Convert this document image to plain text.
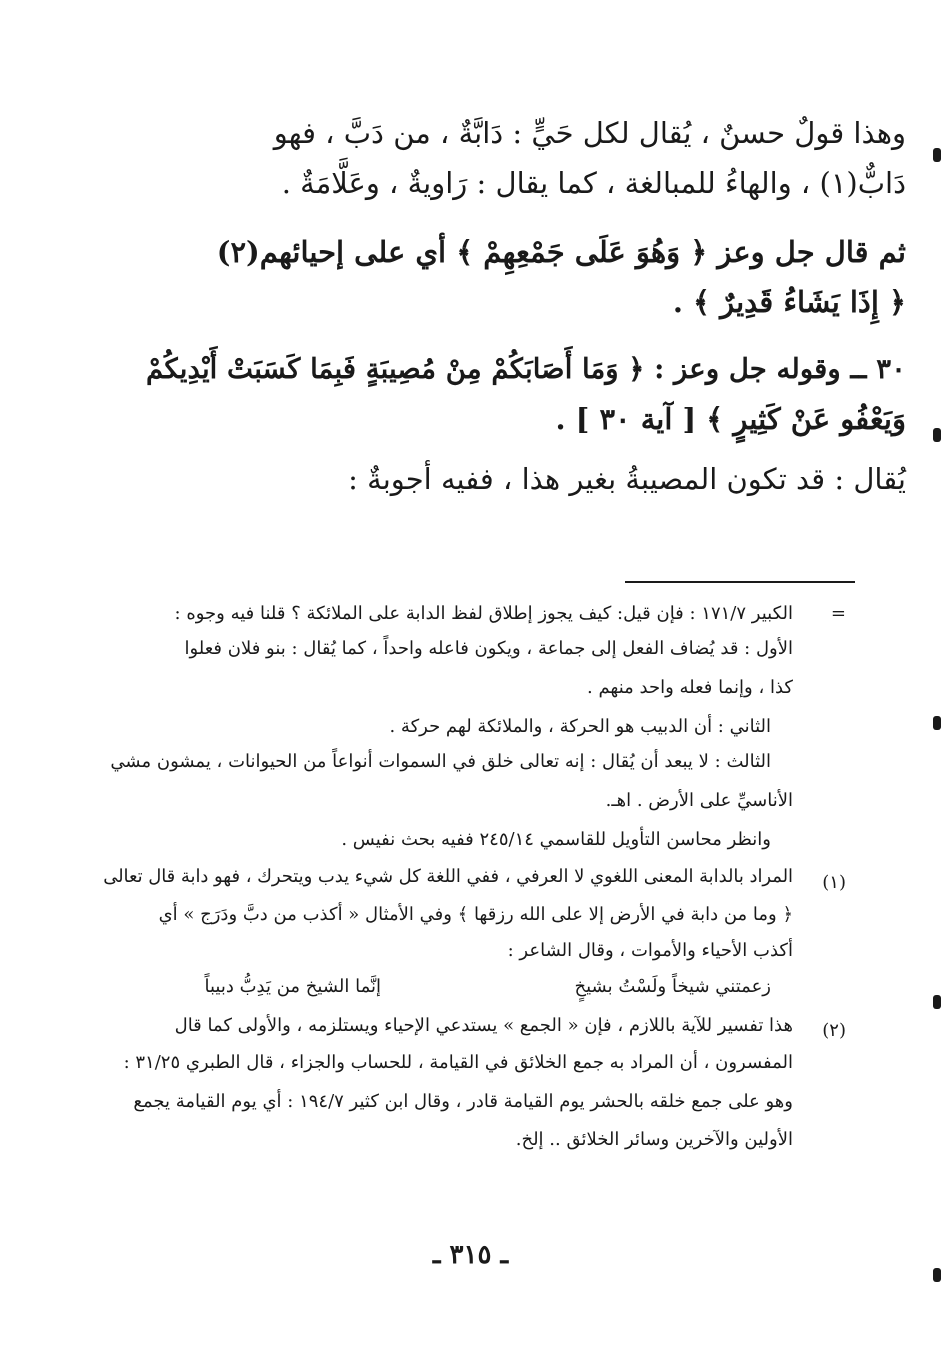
وهذا قولٌ حسنٌ ، يُقال لكل حَيٍّ : دَابَّةٌ ، من دَبَّ ، فهو
دَابٌّ(١) ، والهاءُ للمبالغة ، كما يقال : رَاويةٌ ، وعَلَّامَةٌ .
ثم قال جل وعز ﴿ وَهُوَ عَلَى جَمْعِهِمْ ﴾ أي على إحيائهم(٢)
﴿ إِذَا يَشَاءُ قَدِيرٌ ﴾ .
٣٠ ــ وقوله جل وعز : ﴿ وَمَا أَصَابَكُمْ مِنْ مُصِيبَةٍ فَبِمَا كَسَبَتْ أَيْدِيكُمْ
وَيَعْفُو عَنْ كَثِيرٍ ﴾ [ آية ٣٠ ] .
يُقال : قد تكون المصيبةُ بغير هذا ، ففيه أجوبةٌ :
=
الكبير ١٧١/٧ : فإن قيل: كيف يجوز إطلاق لفظ الدابة على الملائكة ؟ قلنا فيه وجوه :
الأول : قد يُضاف الفعل إلى جماعة ، ويكون فاعله واحداً ، كما يُقال : بنو فلان فعلوا
كذا ، وإنما فعله واحد منهم .
الثاني : أن الدبيب هو الحركة ، والملائكة لهم حركة .
الثالث : لا يبعد أن يُقال : إنه تعالى خلق في السموات أنواعاً من الحيوانات ، يمشون مشي
الأناسيِّ على الأرض . اهـ.
وانظر محاسن التأويل للقاسمي ٢٤٥/١٤ ففيه بحث نفيس .
(١)
المراد بالدابة المعنى اللغوي لا العرفي ، ففي اللغة كل شيء يدب ويتحرك ، فهو دابة قال تعالى
﴿ وما من دابة في الأرض إلا على الله رزقها ﴾ وفي الأمثال « أكذب من دبَّ ودَرَج » أي
أكذب الأحياء والأموات ، وقال الشاعر :
زعمتني شيخاً ولَسْتُ بشيخٍ
إنَّما الشيخ من يَدِبُّ دبيباً
(٢)
هذا تفسير للآية باللازم ، فإن « الجمع » يستدعي الإحياء ويستلزمه ، والأولى كما قال
المفسرون ، أن المراد به جمع الخلائق في القيامة ، للحساب والجزاء ، قال الطبري ٣١/٢٥ :
وهو على جمع خلقه بالحشر يوم القيامة قادر ، وقال ابن كثير ١٩٤/٧ : أي يوم القيامة يجمع
الأولين والآخرين وسائر الخلائق .. إلخ.
ـ ٣١٥ ـ
